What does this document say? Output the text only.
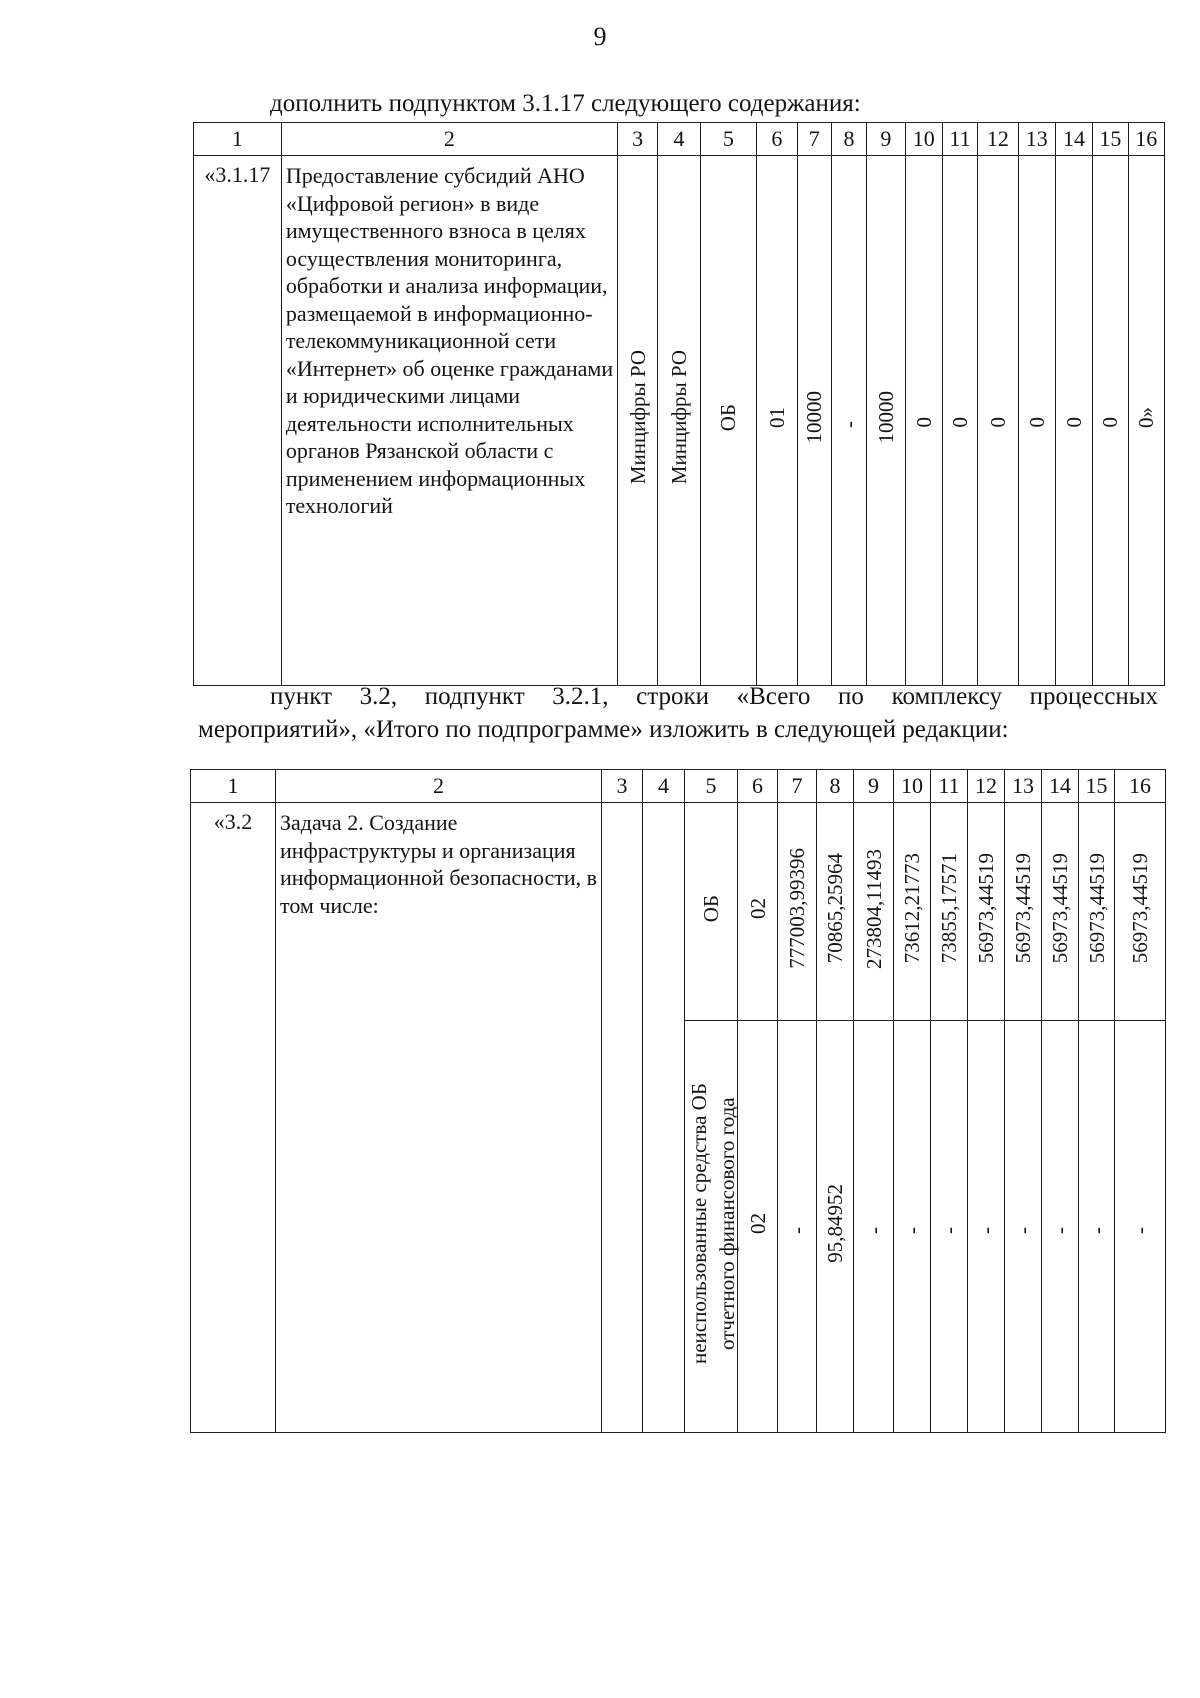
9
дополнить подпунктом 3.1.17 следующего содержания:
1	2	3	4	5	6	7	8	9	10	11	12	13	14	15	16
«3.1.17	Предоставление субсидий АНО «Цифровой регион» в виде имущественного взноса в целях осуществления мониторинга, обработки и анализа информации, размещаемой в информационно-телекоммуникационной сети «Интернет» об оценке гражданами и юридическими лицами деятельности исполнительных органов Рязанской области с применением информационных технологий	Минцифры РО	Минцифры РО	ОБ	01	10000	-	10000	0	0	0	0	0	0	0»
пункт 3.2, подпункт 3.2.1, строки «Всего по комплексу процессных
мероприятий», «Итого по подпрограмме» изложить в следующей редакции:
1	2	3	4	5	6	7	8	9	10	11	12	13	14	15	16
«3.2	Задача 2. Создание инфраструктуры и организация информационной безопасности, в том числе:			ОБ	02	777003,99396	70865,25964	273804,11493	73612,21773	73855,17571	56973,44519	56973,44519	56973,44519	56973,44519	56973,44519
				неиспользованные средства ОБ отчетного финансового года	02	-	95,84952	-	-	-	-	-	-	-	-
